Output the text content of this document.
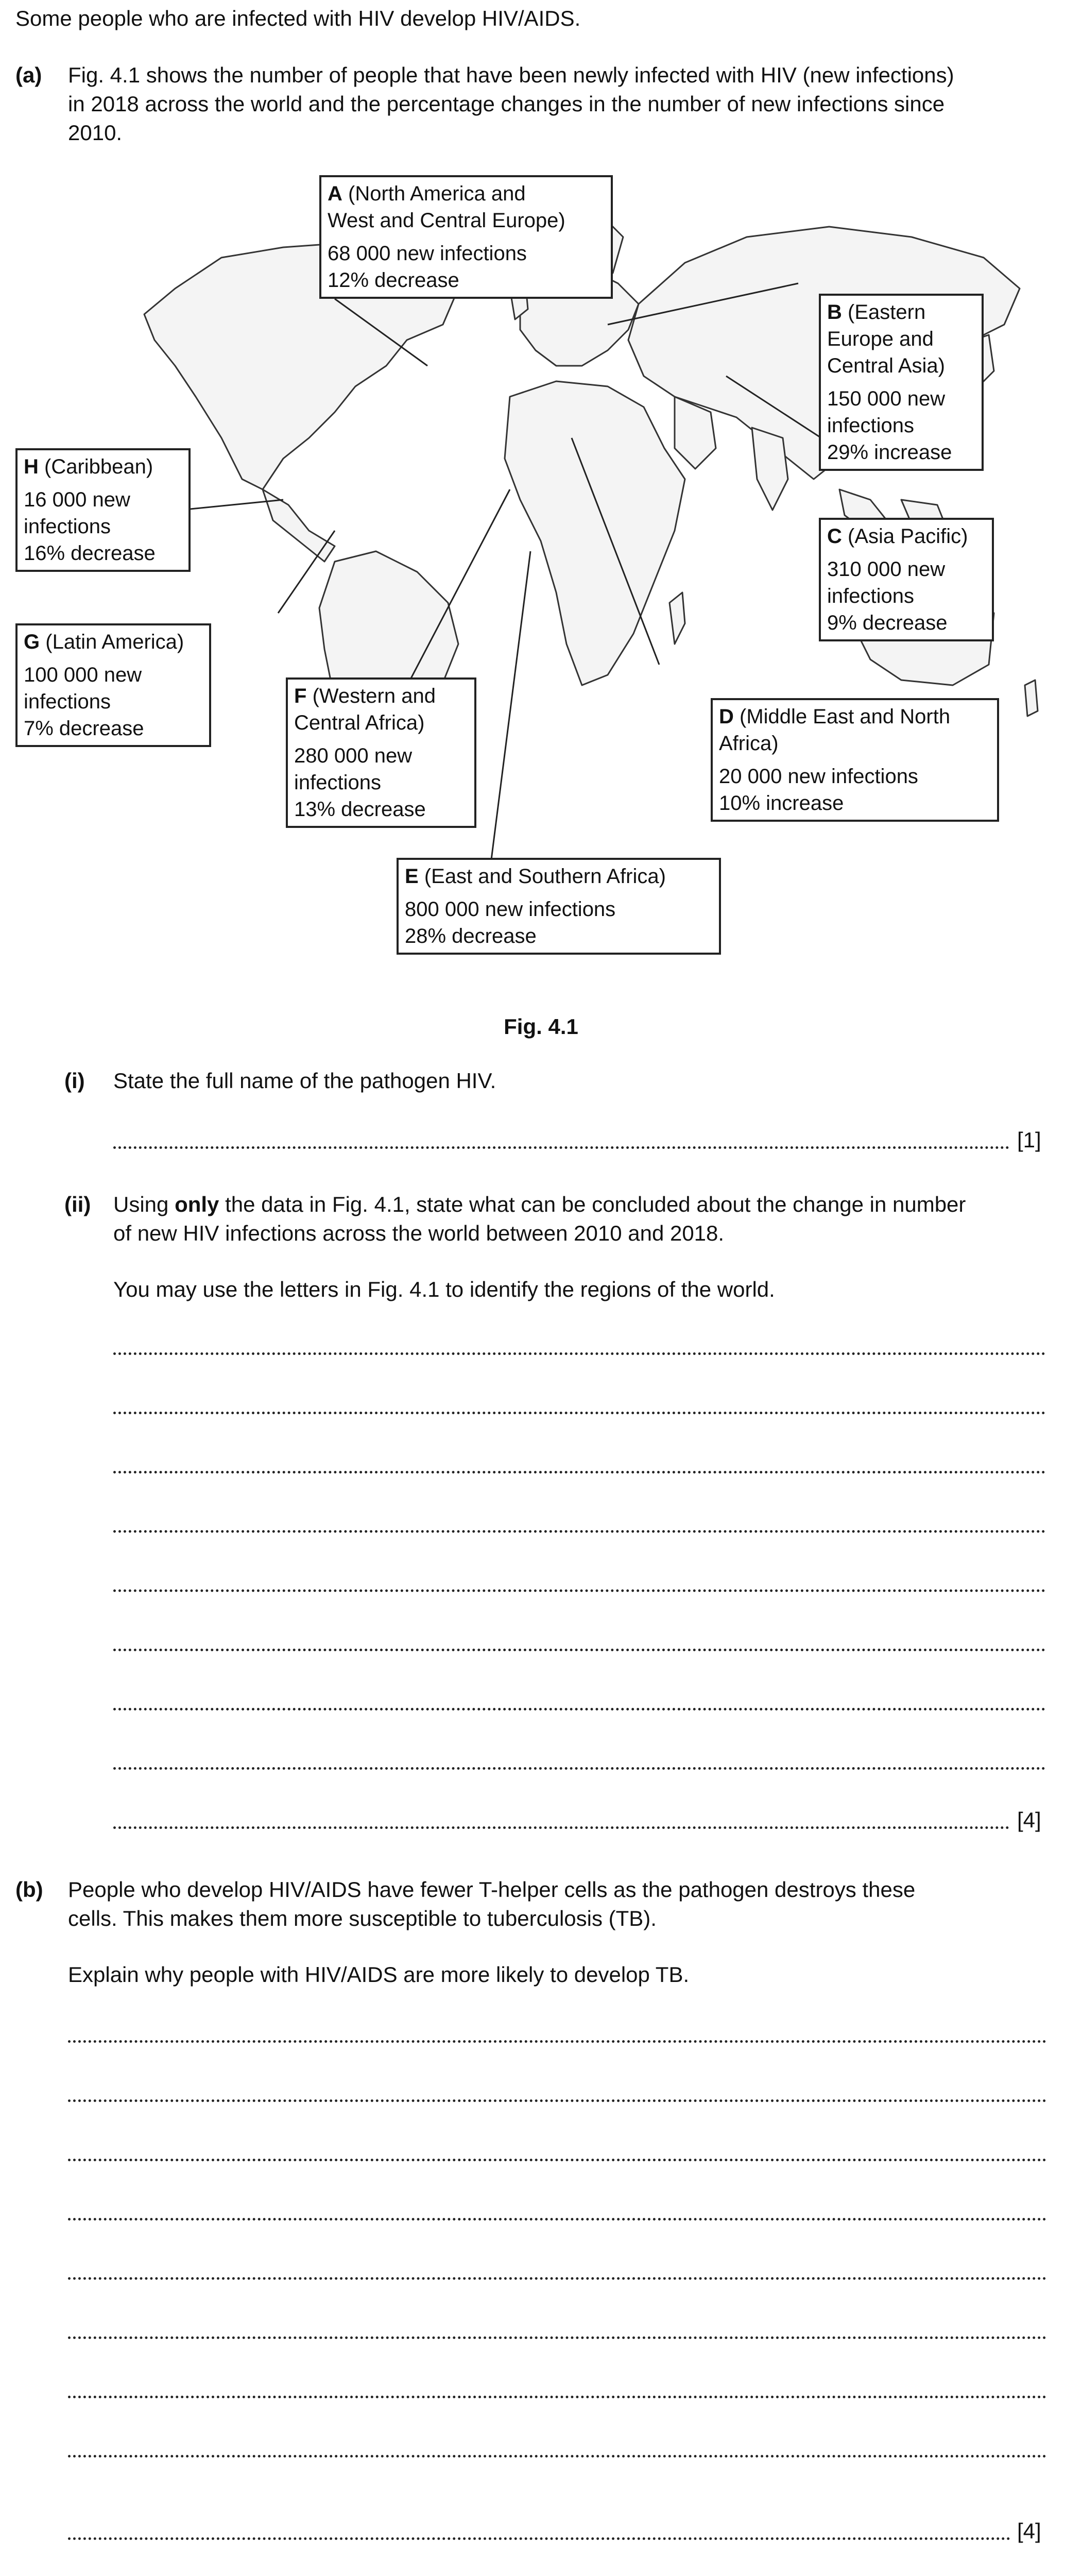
Some people who are infected with HIV develop HIV/AIDS.
(a) Fig. 4.1 shows the number of people that have been newly infected with HIV (new infections)
in 2018 across the world and the percentage changes in the number of new infections since
2010.
A (North America and
West and Central Europe)
68 000 new infections
12% decrease
B (Eastern
Europe and
Central Asia)
150 000 new
infections
29% increase
C (Asia Pacific)
310 000 new
infections
9% decrease
D (Middle East and North
Africa)
20 000 new infections
10% increase
E (East and Southern Africa)
800 000 new infections
28% decrease
F (Western and
Central Africa)
280 000 new
infections
13% decrease
G (Latin America)
100 000 new
infections
7% decrease
H (Caribbean)
16 000 new
infections
16% decrease
Fig. 4.1
(i) State the full name of the pathogen HIV.
[1]
(ii) Using only the data in Fig. 4.1, state what can be concluded about the change in number
of new HIV infections across the world between 2010 and 2018.
You may use the letters in Fig. 4.1 to identify the regions of the world.
[4]
(b) People who develop HIV/AIDS have fewer T-helper cells as the pathogen destroys these
cells. This makes them more susceptible to tuberculosis (TB).
Explain why people with HIV/AIDS are more likely to develop TB.
[4]
